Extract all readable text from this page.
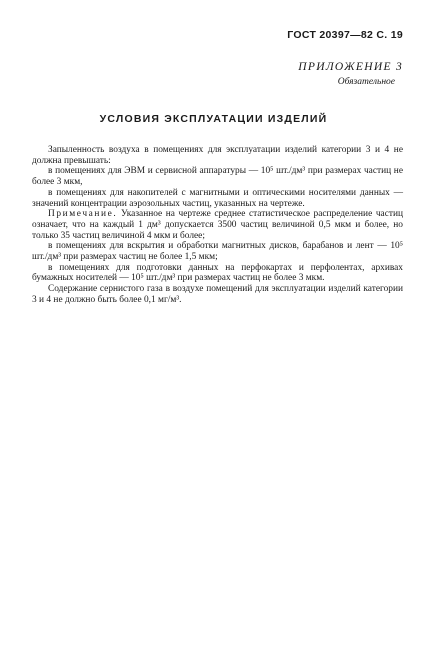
ГОСТ 20397—82 С. 19
ПРИЛОЖЕНИЕ 3
Обязательное
УСЛОВИЯ ЭКСПЛУАТАЦИИ ИЗДЕЛИЙ

Запыленность воздуха в помещениях для эксплуатации изделий категории 3 и 4 не должна превышать:

в помещениях для ЭВМ и сервисной аппаратуры — 10⁵ шт./дм³ при размерах частиц не более 3 мкм,

в помещениях для накопителей с магнитными и оптическими носителями данных — значений концентрации аэрозольных частиц, указанных на чертеже.

Примечание. Указанное на чертеже среднее статистическое распределение частиц означает, что на каждый 1 дм³ допускается 3500 частиц величиной 0,5 мкм и более, но только 35 частиц величиной 4 мкм и более;

в помещениях для вскрытия и обработки магнитных дисков, барабанов и лент — 10⁵ шт./дм³ при размерах частиц не более 1,5 мкм;

в помещениях для подготовки данных на перфокартах и перфолентах, архивах бумажных носителей — 10⁵ шт./дм³ при размерах частиц не более 3 мкм.

Содержание сернистого газа в воздухе помещений для эксплуатации изделий категории 3 и 4 не должно быть более 0,1 мг/м³.
